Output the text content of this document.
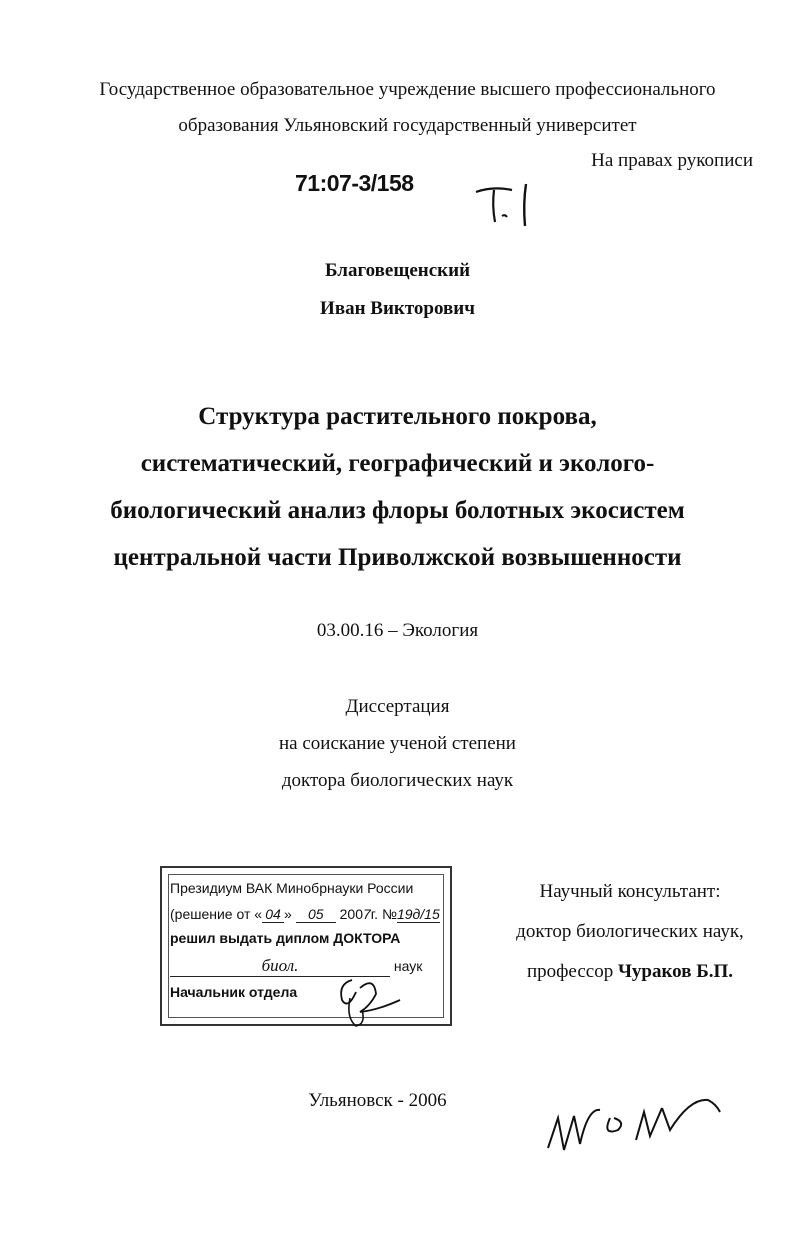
Государственное образовательное учреждение высшего профессионального
образования Ульяновский государственный университет
На правах рукописи
71:07-3/158
Благовещенский
Иван Викторович
Структура растительного покрова,
систематический, географический и эколого-
биологический анализ флоры болотных экосистем
центральной части Приволжской возвышенности
03.00.16 – Экология
Диссертация
на соискание ученой степени
доктора биологических наук
Президиум ВАК Минобрнауки России
(решение от « 04 » 05 2007г. №19д/15
решил выдать диплом ДОКТОРА
биол.	наук
Начальник отдела
Научный консультант:
доктор биологических наук,
профессор Чураков Б.П.
Ульяновск - 2006
